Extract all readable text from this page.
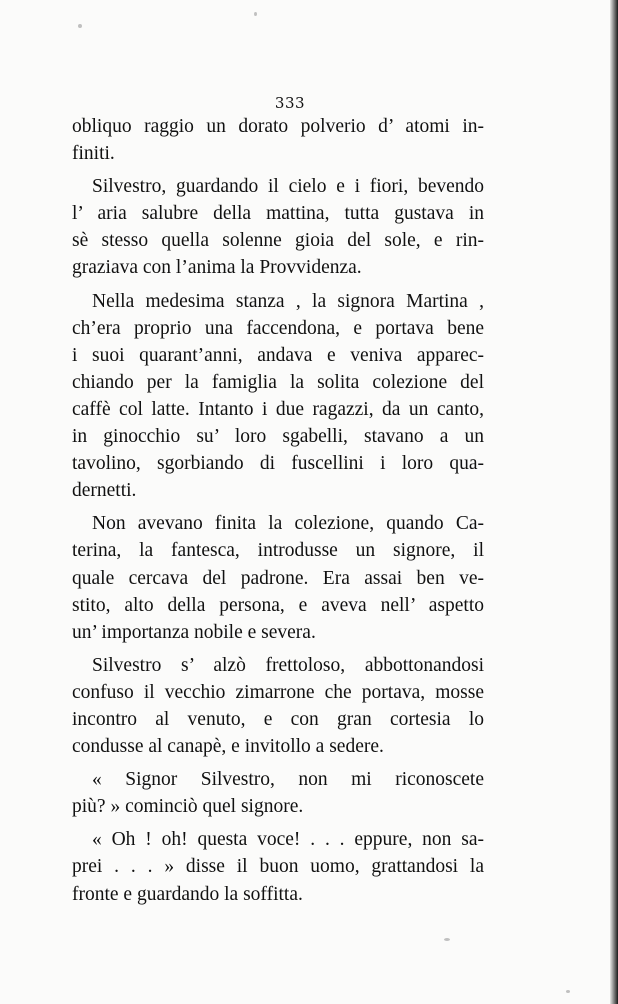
333
obliquo raggio un dorato polverio d’ atomi in-
finiti.
Silvestro, guardando il cielo e i fiori, bevendo
l’ aria salubre della mattina, tutta gustava in
sè stesso quella solenne gioia del sole, e rin-
graziava con l’anima la Provvidenza.
Nella medesima stanza , la signora Martina ,
ch’era proprio una faccendona, e portava bene
i suoi quarant’anni, andava e veniva apparec-
chiando per la famiglia la solita colezione del
caffè col latte. Intanto i due ragazzi, da un canto,
in ginocchio su’ loro sgabelli, stavano a un
tavolino, sgorbiando di fuscellini i loro qua-
dernetti.
Non avevano finita la colezione, quando Ca-
terina, la fantesca, introdusse un signore, il
quale cercava del padrone. Era assai ben ve-
stito, alto della persona, e aveva nell’ aspetto
un’ importanza nobile e severa.
Silvestro s’ alzò frettoloso, abbottonandosi
confuso il vecchio zimarrone che portava, mosse
incontro al venuto, e con gran cortesia lo
condusse al canapè, e invitollo a sedere.
« Signor Silvestro, non mi riconoscete
più? » cominciò quel signore.
« Oh ! oh! questa voce! . . . eppure, non sa-
prei . . . » disse il buon uomo, grattandosi la
fronte e guardando la soffitta.
